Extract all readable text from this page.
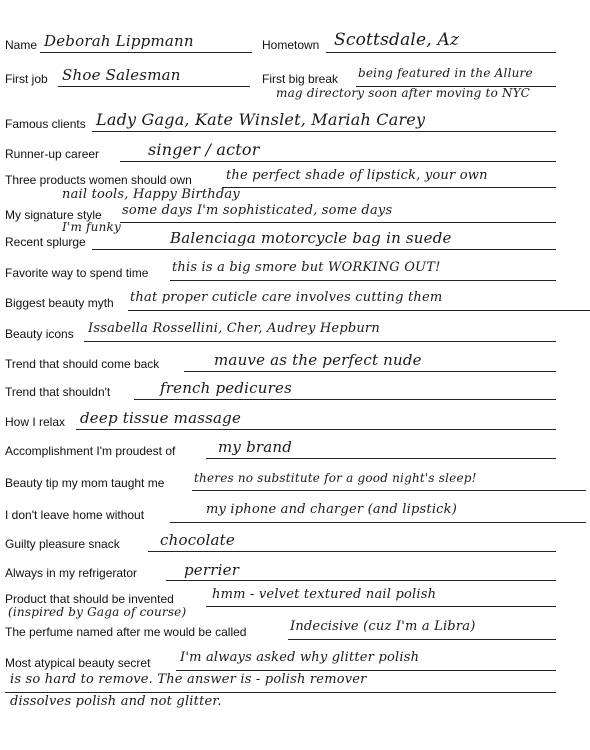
Name Deborah Lippmann	Hometown Scottsdale, Az
First job Shoe Salesman	First big break being featured in the Allure
mag directory soon after moving to NYC
Famous clients Lady Gaga, Kate Winslet, Mariah Carey
Runner-up career	singer / actor
Three products women should own	the perfect shade of lipstick, your own
nail tools, Happy Birthday
My signature style some days I'm sophisticated, some days
I'm funky
Recent splurge	Balenciaga motorcycle bag in suede
Favorite way to spend time this is a big smore but WORKING OUT!
Biggest beauty myth that proper cuticle care involves cutting them
Beauty icons Issabella Rossellini, Cher, Audrey Hepburn
Trend that should come back	mauve as the perfect nude
Trend that shouldn't	french pedicures
How I relax deep tissue massage
Accomplishment I'm proudest of	my brand
Beauty tip my mom taught me theres no substitute for a good night's sleep!
I don't leave home without	my iphone and charger (and lipstick)
Guilty pleasure snack	chocolate
Always in my refrigerator	perrier
Product that should be invented	hmm - velvet textured nail polish
(inspired by Gaga of course)
The perfume named after me would be called	Indecisive (cuz I'm a Libra)
Most atypical beauty secret I'm always asked why glitter polish
is so hard to remove. The answer is - polish remover
dissolves polish and not glitter.
